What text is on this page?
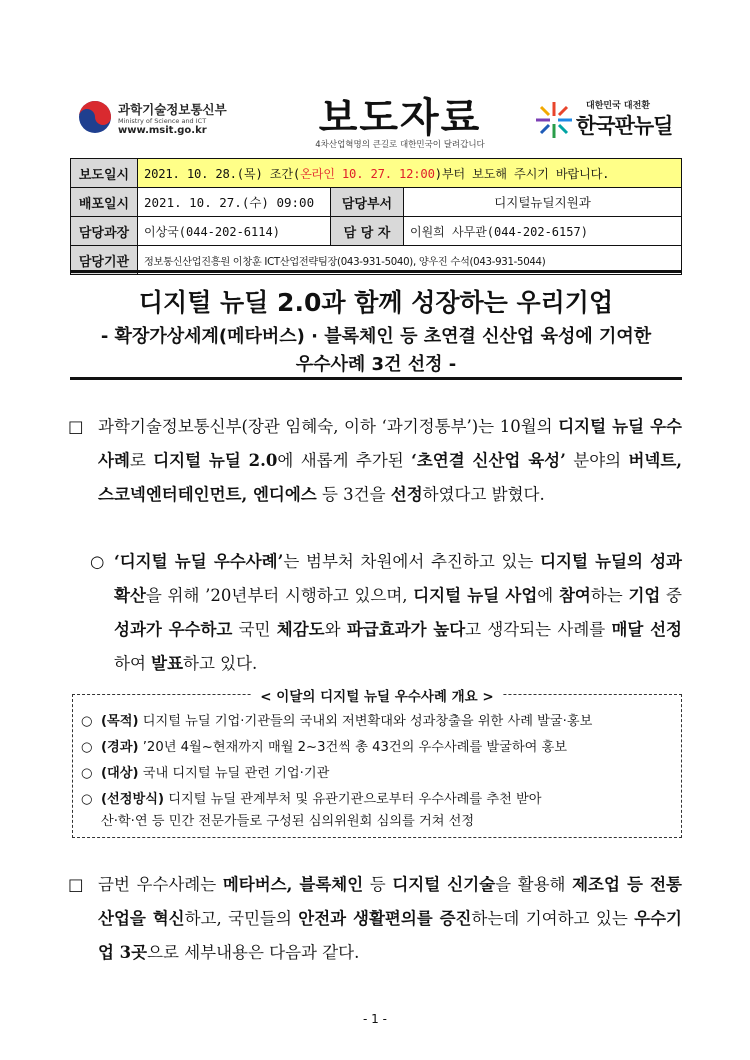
과학기술정보통신부
Ministry of Science and ICT
www.msit.go.kr	보도자료
4차산업혁명의 큰길로 대한민국이 달려갑니다
대한민국 대전환
한국판뉴딜
보도일시	2021. 10. 28.(목) 조간(온라인 10. 27. 12:00)부터 보도해 주시기 바랍니다.		
배포일시	2021. 10. 27.(수) 09:00	담당부서	디지털뉴딜지원과
담당과장	이상국(044-202-6114)	담 당 자	이원희 사무관(044-202-6157)
담당기관	정보통신산업진흥원 이창훈 ICT산업전략팀장(043-931-5040), 양우진 수석(043-931-5044)		
디지털 뉴딜 2.0과 함께 성장하는 우리기업
- 확장가상세계(메타버스) · 블록체인 등 초연결 신산업 육성에 기여한
우수사례 3건 선정 -
□ 과학기술정보통신부(장관 임혜숙, 이하 ‘과기정통부’)는 10월의 디지털 뉴딜 우수사례로 디지털 뉴딜 2.0에 새롭게 추가된 ‘초연결 신산업 육성’ 분야의 버넥트, 스코넥엔터테인먼트, 엔디에스 등 3건을 선정하였다고 밝혔다.
○ ‘디지털 뉴딜 우수사례’는 범부처 차원에서 추진하고 있는 디지털 뉴딜의 성과확산을 위해 ’20년부터 시행하고 있으며, 디지털 뉴딜 사업에 참여하는 기업 중 성과가 우수하고 국민 체감도와 파급효과가 높다고 생각되는 사례를 매달 선정하여 발표하고 있다.
< 이달의 디지털 뉴딜 우수사례 개요 >
○ (목적) 디지털 뉴딜 기업·기관들의 국내외 저변확대와 성과창출을 위한 사례 발굴·홍보
○ (경과) ’20년 4월~현재까지 매월 2~3건씩 총 43건의 우수사례를 발굴하여 홍보
○ (대상) 국내 디지털 뉴딜 관련 기업·기관
○ (선정방식) 디지털 뉴딜 관계부처 및 유관기관으로부터 우수사례를 추천 받아
산·학·연 등 민간 전문가들로 구성된 심의위원회 심의를 거쳐 선정
□ 금번 우수사례는 메타버스, 블록체인 등 디지털 신기술을 활용해 제조업 등 전통산업을 혁신하고, 국민들의 안전과 생활편의를 증진하는데 기여하고 있는 우수기업 3곳으로 세부내용은 다음과 같다.
- 1 -
